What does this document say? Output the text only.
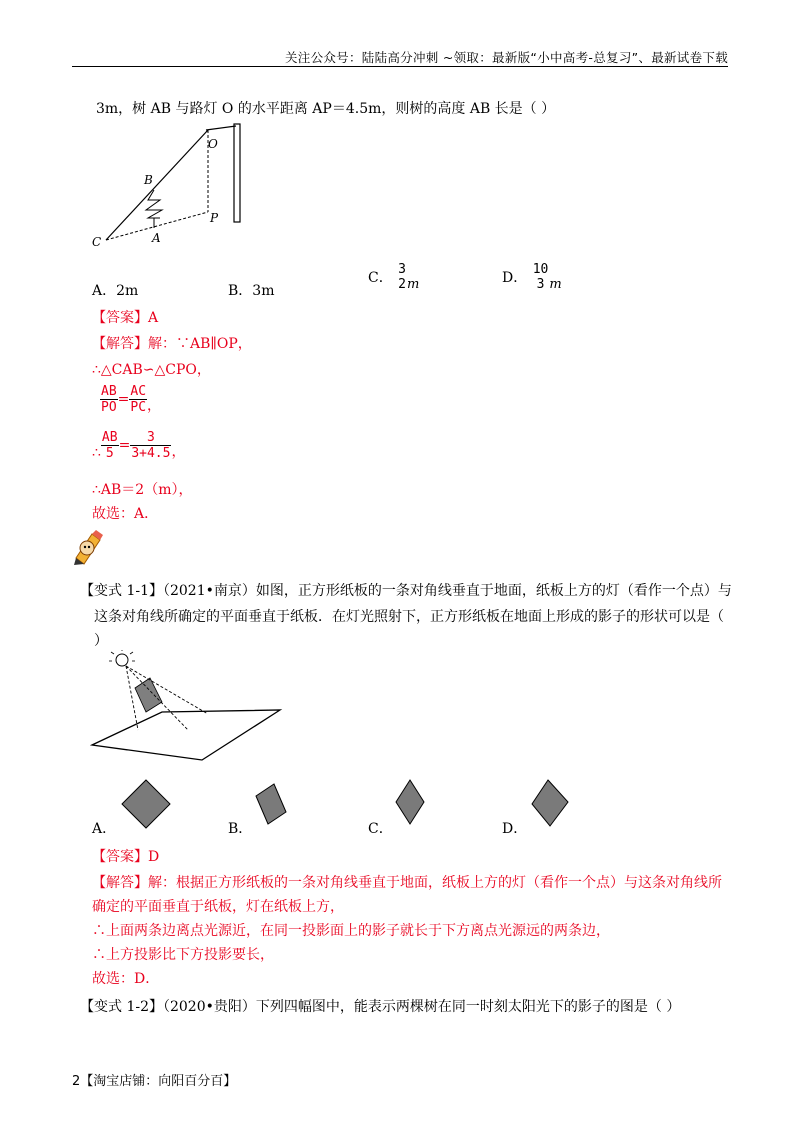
关注公众号：陆陆高分冲刺 ~领取：最新版“小中高考-总复习”、最新试卷下载
3m，树 AB 与路灯 O 的水平距离 AP＝4.5m，则树的高度 AB 长是（ ）
O
B
P
C	A
A．2m	B．3m
C．
3
2 m	D．
10
3 m
【答案】A
【解答】解：∵AB∥OP，
∴△CAB∽△CPO，
$\frac{AB}{PO} = \frac{AC}{PC}$ ，
∴ $\frac{AB}{5} = \frac{3}{3+4.5}$ ，
∴AB＝2（m），
故选：A．
【变式 1-1】（2021•南京）如图，正方形纸板的一条对角线垂直于地面，纸板上方的灯（看作一个点）与
这条对角线所确定的平面垂直于纸板．在灯光照射下，正方形纸板在地面上形成的影子的形状可以是（
）
A．	B．	C．	D．
【答案】D
【解答】解：根据正方形纸板的一条对角线垂直于地面，纸板上方的灯（看作一个点）与这条对角线所
确定的平面垂直于纸板，灯在纸板上方，
∴上面两条边离点光源近，在同一投影面上的影子就长于下方离点光源远的两条边，
∴上方投影比下方投影要长，
故选：D．
【变式 1-2】（2020•贵阳）下列四幅图中，能表示两棵树在同一时刻太阳光下的影子的图是（ ）
2【淘宝店铺：向阳百分百】
